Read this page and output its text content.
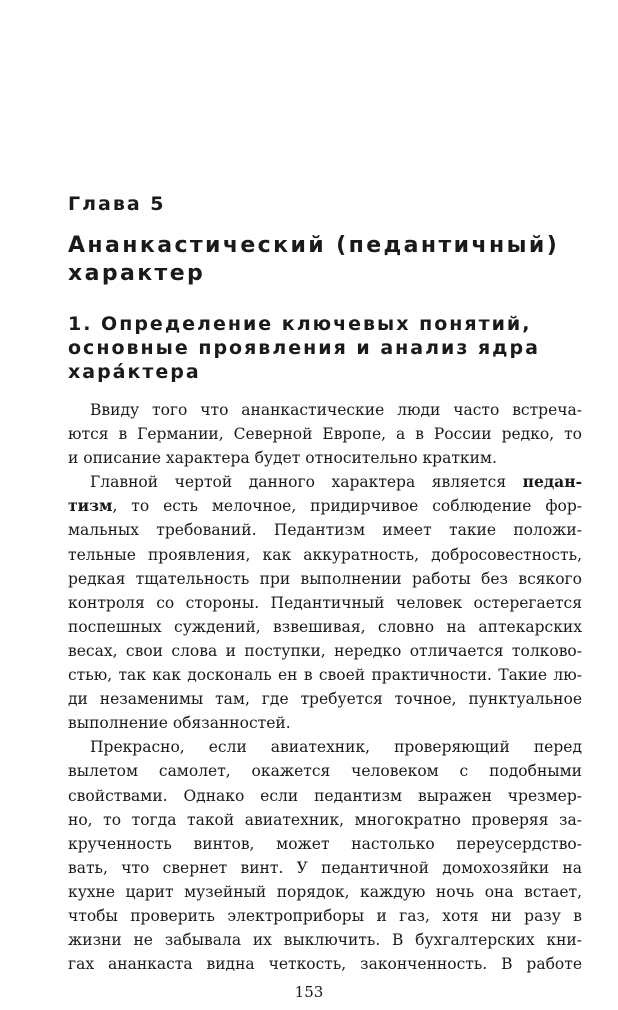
Глава 5
Ананкастический (педантичный) характер
1. Определение ключевых понятий, основные проявления и анализ ядра хара́ктера
Ввиду того что ананкастические люди часто встреча-
ются в Германии, Северной Европе, а в России редко, то
и описание характера будет относительно кратким.
Главной чертой данного характера является педан-
тизм, то есть мелочное, придирчивое соблюдение фор-
мальных требований. Педантизм имеет такие положи-
тельные проявления, как аккуратность, добросовестность,
редкая тщательность при выполнении работы без всякого
контроля со стороны. Педантичный человек остерегается
поспешных суждений, взвешивая, словно на аптекарских
весах, свои слова и поступки, нередко отличается толково-
стью, так как доскональ ен в своей практичности. Такие лю-
ди незаменимы там, где требуется точное, пунктуальное
выполнение обязанностей.
Прекрасно, если авиатехник, проверяющий перед
вылетом самолет, окажется человеком с подобными
свойствами. Однако если педантизм выражен чрезмер-
но, то тогда такой авиатехник, многократно проверяя за-
крученность винтов, может настолько переусердство-
вать, что свернет винт. У педантичной домохозяйки на
кухне царит музейный порядок, каждую ночь она встает,
чтобы проверить электроприборы и газ, хотя ни разу в
жизни не забывала их выключить. В бухгалтерских кни-
гах ананкаста видна четкость, законченность. В работе
153
